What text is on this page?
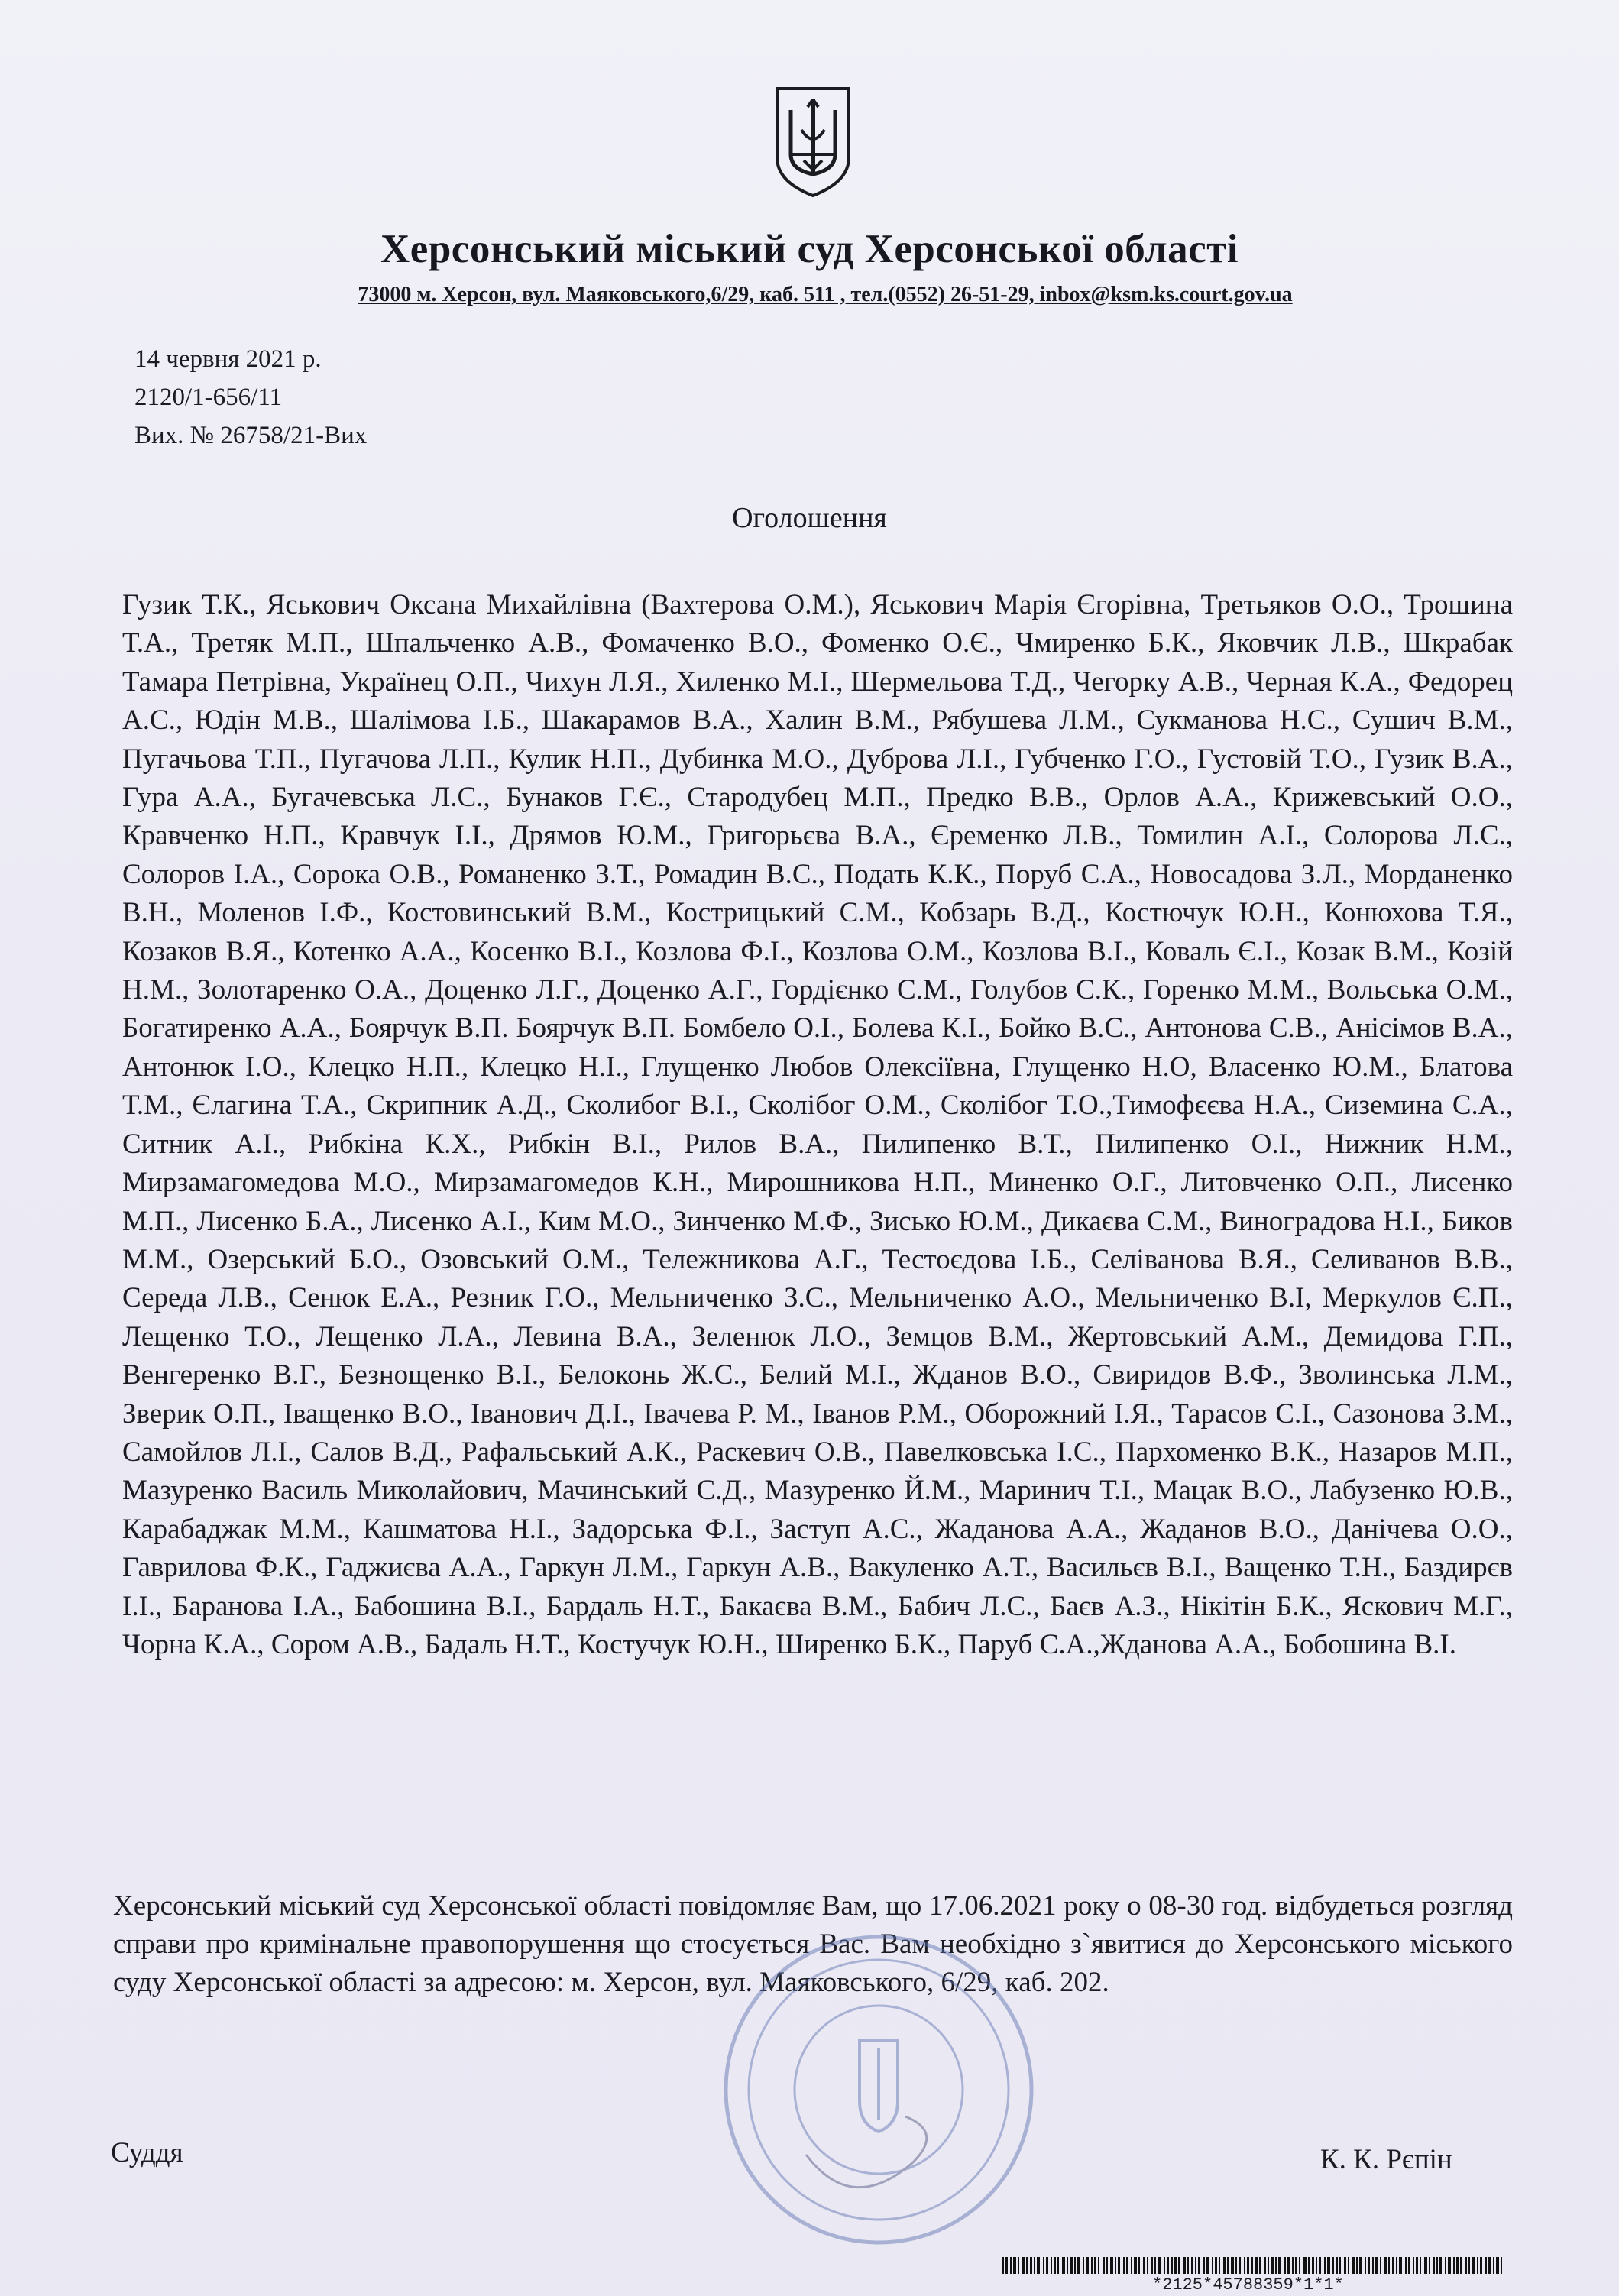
Херсонський міський суд Херсонської області
73000 м. Херсон, вул. Маяковського,6/29, каб. 511 , тел.(0552) 26-51-29, inbox@ksm.ks.court.gov.ua
14 червня 2021 р.
2120/1-656/11
Вих. № 26758/21-Вих
Оголошення
Гузик Т.К., Яськович Оксана Михайлівна (Вахтерова О.М.), Яськович Марія Єгорівна, Третьяков О.О., Трошина Т.А., Третяк М.П., Шпальченко А.В., Фомаченко В.О., Фоменко О.Є., Чмиренко Б.К., Яковчик Л.В., Шкрабак Тамара Петрівна, Українец О.П., Чихун Л.Я., Хиленко М.І., Шермельова Т.Д., Чегорку А.В., Черная К.А., Федорец А.С., Юдін М.В., Шалімова І.Б., Шакарамов В.А., Халин В.М., Рябушева Л.М., Сукманова Н.С., Сушич В.М., Пугачьова Т.П., Пугачова Л.П., Кулик Н.П., Дубинка М.О., Дуброва Л.І., Губченко Г.О., Густовій Т.О., Гузик В.А., Гура А.А., Бугачевська Л.С., Бунаков Г.Є., Стародубец М.П., Предко В.В., Орлов А.А., Крижевський О.О., Кравченко Н.П., Кравчук І.І., Дрямов Ю.М., Григорьєва В.А., Єременко Л.В., Томилин А.І., Солорова Л.С., Солоров І.А., Сорока О.В., Романенко З.Т., Ромадин В.С., Подать К.К., Поруб С.А., Новосадова З.Л., Морданенко В.Н., Моленов І.Ф., Костовинський В.М., Кострицький С.М., Кобзарь В.Д., Костючук Ю.Н., Конюхова Т.Я., Козаков В.Я., Котенко А.А., Косенко В.І., Козлова Ф.І., Козлова О.М., Козлова В.І., Коваль Є.І., Козак В.М., Козій Н.М., Золотаренко О.А., Доценко Л.Г., Доценко А.Г., Гордієнко С.М., Голубов С.К., Горенко М.М., Вольська О.М., Богатиренко А.А., Боярчук В.П. Боярчук В.П. Бомбело О.І., Болева К.І., Бойко В.С., Антонова С.В., Анісімов В.А., Антонюк І.О., Клецко Н.П., Клецко Н.І., Глущенко Любов Олексіївна, Глущенко Н.О, Власенко Ю.М., Блатова Т.М., Єлагина Т.А., Скрипник А.Д., Сколибог В.І., Сколібог О.М., Сколібог Т.О.,Тимофєєва Н.А., Сиземина С.А., Ситник А.І., Рибкіна К.Х., Рибкін В.І., Рилов В.А., Пилипенко В.Т., Пилипенко О.І., Нижник Н.М., Мирзамагомедова М.О., Мирзамагомедов К.Н., Мирошникова Н.П., Миненко О.Г., Литовченко О.П., Лисенко М.П., Лисенко Б.А., Лисенко А.І., Ким М.О., Зинченко М.Ф., Зисько Ю.М., Дикаєва С.М., Виноградова Н.І., Биков М.М., Озерський Б.О., Озовський О.М., Тележникова А.Г., Тестоєдова І.Б., Селіванова В.Я., Селиванов В.В., Середа Л.В., Сенюк Е.А., Резник Г.О., Мельниченко З.С., Мельниченко А.О., Мельниченко В.І, Меркулов Є.П., Лещенко Т.О., Лещенко Л.А., Левина В.А., Зеленюк Л.О., Земцов В.М., Жертовський А.М., Демидова Г.П., Венгеренко В.Г., Безнощенко В.І., Белоконь Ж.С., Белий М.І., Жданов В.О., Свиридов В.Ф., Зволинська Л.М., Зверик О.П., Іващенко В.О., Іванович Д.І., Івачева Р. М., Іванов Р.М., Оборожний І.Я., Тарасов С.І., Сазонова З.М., Самойлов Л.І., Салов В.Д., Рафальський А.К., Раскевич О.В., Павелковська І.С., Пархоменко В.К., Назаров М.П., Мазуренко Василь Миколайович, Мачинський С.Д., Мазуренко Й.М., Маринич Т.І., Мацак В.О., Лабузенко Ю.В., Карабаджак М.М., Кашматова Н.І., Задорська Ф.І., Заступ А.С., Жаданова А.А., Жаданов В.О., Данічева О.О., Гаврилова Ф.К., Гаджиєва А.А., Гаркун Л.М., Гаркун А.В., Вакуленко А.Т., Васильєв В.І., Ващенко Т.Н., Баздирєв І.І., Баранова І.А., Бабошина В.І., Бардаль Н.Т., Бакаєва В.М., Бабич Л.С., Баєв А.З., Нікітін Б.К., Яскович М.Г., Чорна К.А., Сором А.В., Бадаль Н.Т., Костучук Ю.Н., Ширенко Б.К., Паруб С.А.,Жданова А.А., Бобошина В.І.
Херсонський міський суд Херсонської області повідомляє Вам, що 17.06.2021 року о 08-30 год. відбудеться розгляд справи про кримінальне правопорушення що стосується Вас. Вам необхідно з`явитися до Херсонського міського суду Херсонської області за адресою: м. Херсон, вул. Маяковського, 6/29, каб. 202.
Суддя	К. К. Рєпін
*2125*45788359*1*1*
